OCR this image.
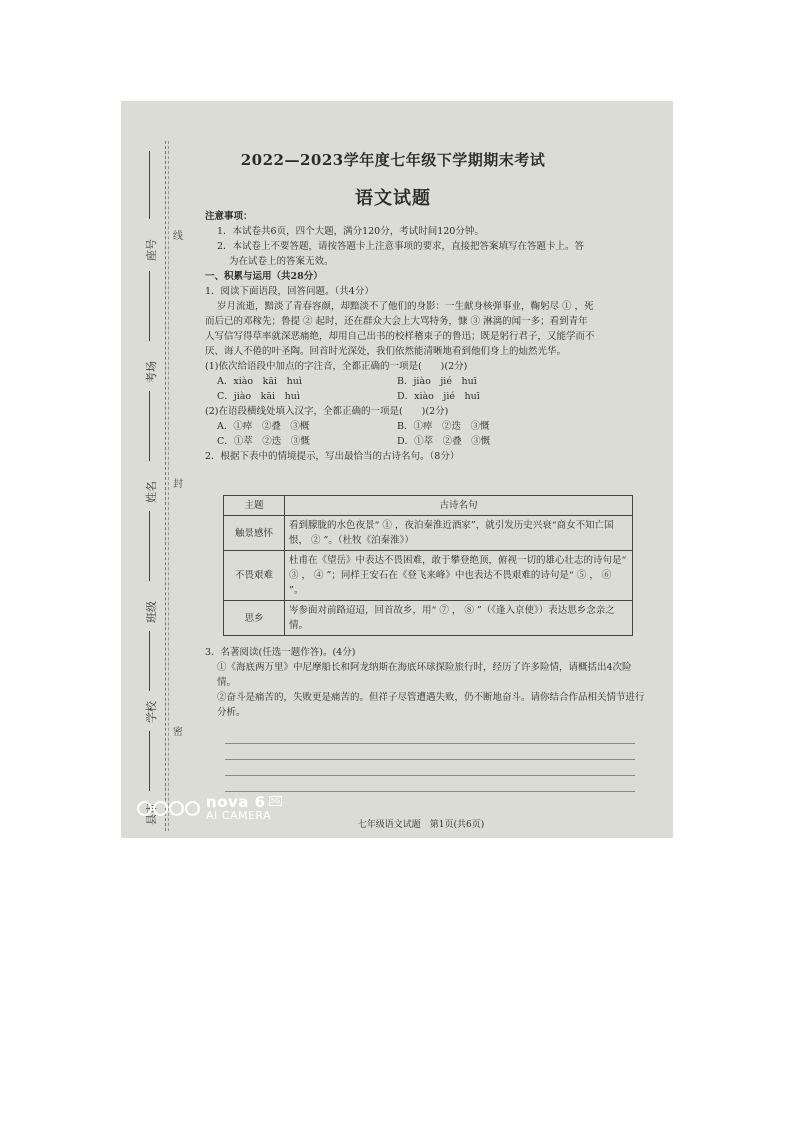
座号
考场
姓名
班级
学校
县市
线
封
密
2022—2023学年度七年级下学期期末考试
语文试题
注意事项：
1．本试卷共6页，四个大题，满分120分，考试时间120分钟。
2．本试卷上不要答题，请按答题卡上注意事项的要求，直接把答案填写在答题卡上。答
为在试卷上的答案无效。
一、积累与运用（共28分）
1．阅读下面语段，回答问题。（共4分）
岁月流逝，黯淡了青春容颜，却黯淡不了他们的身影：一生献身核弹事业，鞠躬尽 ① ，死
而后已的邓稼先；鲁提 ② 起时，还在群众大会上大骂特务，慷 ③ 淋漓的闻一多；看到青年
人写信写得草率就深恶痛绝，却用自己出书的校样稽束子的鲁迅；既是躬行君子，又能学而不
厌、诲人不倦的叶圣陶。回首时光深处，我们依然能清晰地看到他们身上的灿然光华。
(1)依次给语段中加点的字注音，全都正确的一项是(　　)(2分)
A．xiào　kāi　huì	B．jiào　jié　huī
C．jiào　kāi　huì	D．xiào　jié　huī
(2)在语段横线处填入汉字，全都正确的一项是(　　)(2分)
A．①瘁　②叠　③概	B．①瘁　②迭　③慨
C．①萃　②迭　③慨	D．①萃　②叠　③慨
2．根据下表中的情境提示，写出最恰当的古诗名句。（8分）
主题	古诗名句
触景感怀	看到朦胧的水色夜景“ ① ，夜泊秦淮近酒家”，就引发历史兴衰“商女不知亡国恨， ② ”。（杜牧《泊秦淮》）
不畏艰难	杜甫在《望岳》中表达不畏困难，敢于攀登绝顶，俯视一切的雄心壮志的诗句是“ ③ ， ④ ”；同样王安石在《登飞来峰》中也表达不畏艰难的诗句是“ ⑤ ， ⑥ ”。
思乡	岑参面对前路迢迢，回首故乡，用“ ⑦ ， ⑧ ”（《逢入京使》）表达思乡念亲之情。
3．名著阅读(任选一题作答)。(4分)
①《海底两万里》中尼摩船长和阿龙纳斯在海底环球探险旅行时，经历了许多险情，请概括出4次险情。
②奋斗是痛苦的，失败更是痛苦的。但祥子尽管遭遇失败，仍不断地奋斗。请你结合作品相关情节进行分析。
nova 6 $^{5G}$
AI CAMERA
七年级语文试题　第1页(共6页)
